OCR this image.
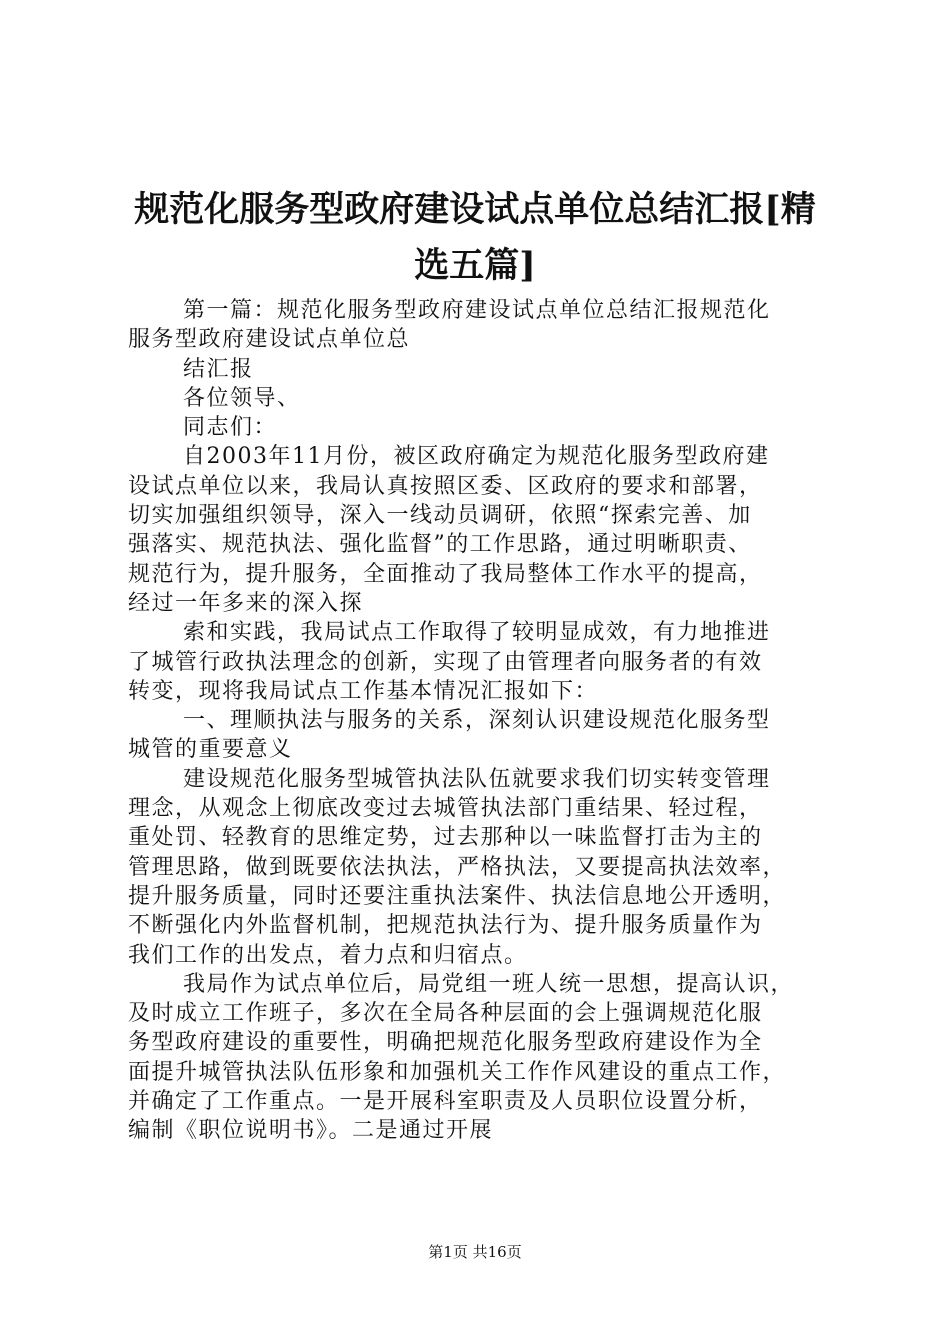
规范化服务型政府建设试点单位总结汇报[精
选五篇]

第一篇：规范化服务型政府建设试点单位总结汇报规范化

服务型政府建设试点单位总

结汇报

各位领导、

同志们：

自2003年11月份，被区政府确定为规范化服务型政府建

设试点单位以来，我局认真按照区委、区政府的要求和部署，

切实加强组织领导，深入一线动员调研，依照“探索完善、加

强落实、规范执法、强化监督”的工作思路，通过明晰职责、

规范行为，提升服务，全面推动了我局整体工作水平的提高，

经过一年多来的深入探

索和实践，我局试点工作取得了较明显成效，有力地推进

了城管行政执法理念的创新，实现了由管理者向服务者的有效

转变，现将我局试点工作基本情况汇报如下：

一、理顺执法与服务的关系，深刻认识建设规范化服务型

城管的重要意义

建设规范化服务型城管执法队伍就要求我们切实转变管理

理念，从观念上彻底改变过去城管执法部门重结果、轻过程，

重处罚、轻教育的思维定势，过去那种以一味监督打击为主的

管理思路，做到既要依法执法，严格执法，又要提高执法效率，

提升服务质量，同时还要注重执法案件、执法信息地公开透明，

不断强化内外监督机制，把规范执法行为、提升服务质量作为

我们工作的出发点，着力点和归宿点。

我局作为试点单位后，局党组一班人统一思想，提高认识，

及时成立工作班子，多次在全局各种层面的会上强调规范化服

务型政府建设的重要性，明确把规范化服务型政府建设作为全

面提升城管执法队伍形象和加强机关工作作风建设的重点工作，

并确定了工作重点。一是开展科室职责及人员职位设置分析，

编制《职位说明书》。二是通过开展

第1页 共16页
